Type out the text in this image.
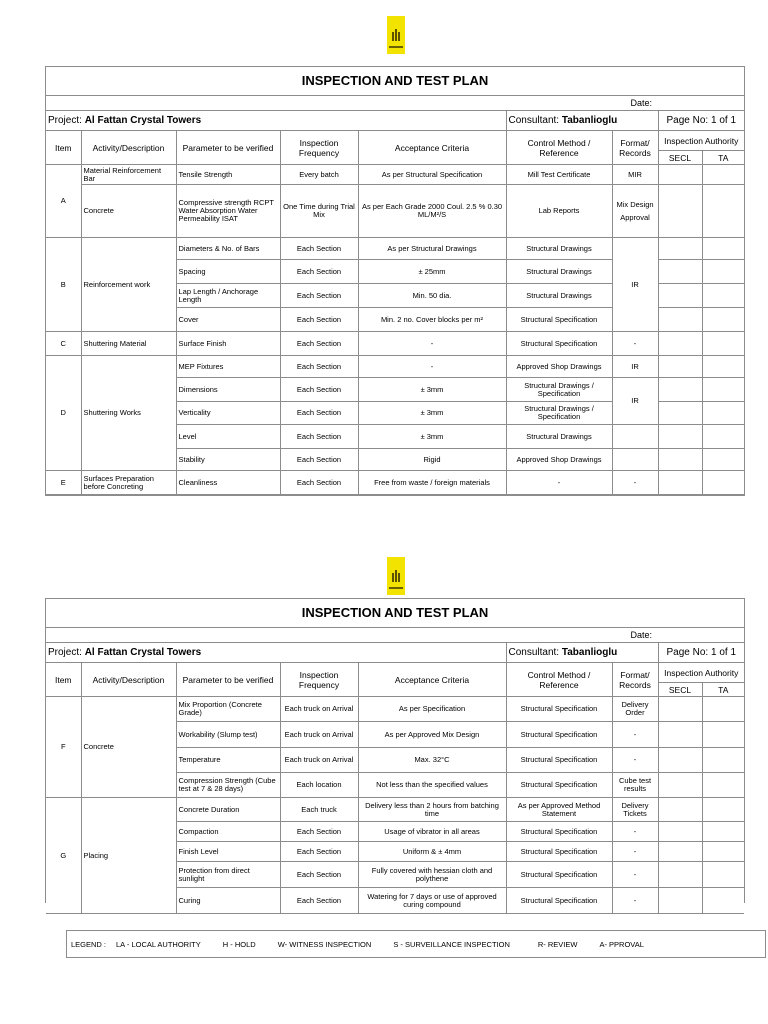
INSPECTION AND TEST PLAN								
Date:								
Project: Al Fattan Crystal Towers					Consultant: Tabanlioglu		Page No: 1 of 1	
Item	Activity/Description	Parameter to be verified	Inspection Frequency	Acceptance Criteria	Control Method / Reference	Format/ Records	Inspection Authority	
							SECL	TA
A	Material Reinforcement Bar	Tensile Strength	Every batch	As per Structural Specification	Mill Test Certificate	MIR		
	Concrete	Compressive strength RCPT Water Absorption Water Permeability ISAT	One Time during Trial Mix	As per Each Grade 2000 Coul. 2.5 % 0.30 ML/M²/S	Lab Reports	Mix Design Approval		
B	Reinforcement work	Diameters & No. of Bars	Each Section	As per Structural Drawings	Structural Drawings	IR		
		Spacing	Each Section	± 25mm	Structural Drawings			
		Lap Length / Anchorage Length	Each Section	Min. 50 dia.	Structural Drawings			
		Cover	Each Section	Min. 2 no. Cover blocks per m²	Structural Specification			
C	Shuttering Material	Surface Finish	Each Section	-	Structural Specification	-		
D	Shuttering Works	MEP Fixtures	Each Section	-	Approved Shop Drawings	IR		
		Dimensions	Each Section	± 3mm	Structural Drawings / Specification	IR		
		Verticality	Each Section	± 3mm	Structural Drawings / Specification			
		Level	Each Section	± 3mm	Structural Drawings			
		Stability	Each Section	Rigid	Approved Shop Drawings			
E	Surfaces Preparation before Concreting	Cleanliness	Each Section	Free from waste / foreign materials	-	-		
INSPECTION AND TEST PLAN								
Date:								
Project: Al Fattan Crystal Towers					Consultant: Tabanlioglu		Page No: 1 of 1	
Item	Activity/Description	Parameter to be verified	Inspection Frequency	Acceptance Criteria	Control Method / Reference	Format/ Records	Inspection Authority	
							SECL	TA
F	Concrete	Mix Proportion (Concrete Grade)	Each truck on Arrival	As per Specification	Structural Specification	Delivery Order		
		Workability (Slump test)	Each truck on Arrival	As per Approved Mix Design	Structural Specification	-		
		Temperature	Each truck on Arrival	Max. 32°C	Structural Specification	-		
		Compression Strength (Cube test at 7 & 28 days)	Each location	Not less than the specified values	Structural Specification	Cube test results		
G	Placing	Concrete Duration	Each truck	Delivery less than 2 hours from batching time	As per Approved Method Statement	Delivery Tickets		
		Compaction	Each Section	Usage of vibrator in all areas	Structural Specification	-		
		Finish Level	Each Section	Uniform & ± 4mm	Structural Specification	-		
		Protection from direct sunlight	Each Section	Fully covered with hessian cloth and polythene	Structural Specification	-		
		Curing	Each Section	Watering for 7 days or use of approved curing compound	Structural Specification	-		
LEGEND : LA - LOCAL AUTHORITY	H - HOLD	W- WITNESS INSPECTION	S - SURVEILLANCE INSPECTION	R- REVIEW	A- PPROVAL
